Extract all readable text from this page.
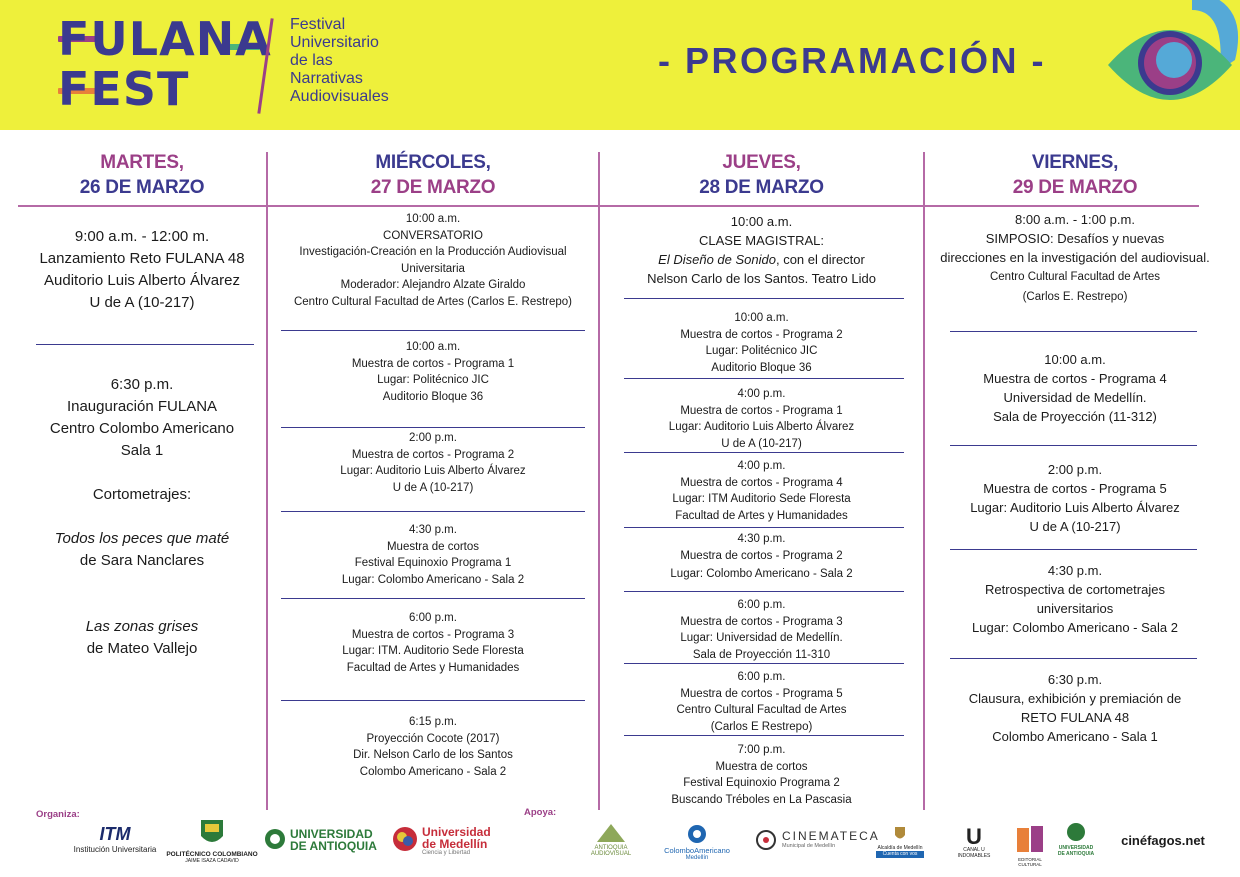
FULANA
FEST
Festival
Universitario
de las
Narrativas
Audiovisuales
- PROGRAMACIÓN -
MARTES,
26 DE MARZO
9:00 a.m. - 12:00 m.
Lanzamiento Reto FULANA 48
Auditorio Luis Alberto Álvarez
U de A (10-217)
6:30 p.m.
Inauguración FULANA
Centro Colombo Americano
Sala 1
Cortometrajes:
Todos los peces que maté
de Sara Nanclares
Las zonas grises
de Mateo Vallejo
MIÉRCOLES,
27 DE MARZO
10:00 a.m.
CONVERSATORIO
Investigación-Creación en la Producción Audiovisual
Universitaria
Moderador: Alejandro Alzate Giraldo
Centro Cultural Facultad de Artes (Carlos E. Restrepo)
10:00 a.m.
Muestra de cortos - Programa 1
Lugar: Politécnico JIC
Auditorio Bloque 36
2:00 p.m.
Muestra de cortos - Programa 2
Lugar: Auditorio Luis Alberto Álvarez
U de A (10-217)
4:30 p.m.
Muestra de cortos
Festival Equinoxio Programa 1
Lugar: Colombo Americano - Sala 2
6:00 p.m.
Muestra de cortos - Programa 3
Lugar: ITM. Auditorio Sede Floresta
Facultad de Artes y Humanidades
6:15 p.m.
Proyección Cocote (2017)
Dir. Nelson Carlo de los Santos
Colombo Americano - Sala 2
JUEVES,
28 DE MARZO
10:00 a.m.
CLASE MAGISTRAL:
El Diseño de Sonido, con el director
Nelson Carlo de los Santos. Teatro Lido
10:00 a.m.
Muestra de cortos - Programa 2
Lugar: Politécnico JIC
Auditorio Bloque 36
4:00 p.m.
Muestra de cortos - Programa 1
Lugar: Auditorio Luis Alberto Álvarez
U de A (10-217)
4:00 p.m.
Muestra de cortos - Programa 4
Lugar: ITM Auditorio Sede Floresta
Facultad de Artes y Humanidades
4:30 p.m.
Muestra de cortos - Programa 2
Lugar: Colombo Americano - Sala 2
6:00 p.m.
Muestra de cortos - Programa 3
Lugar: Universidad de Medellín.
Sala de Proyección 11-310
6:00 p.m.
Muestra de cortos - Programa 5
Centro Cultural Facultad de Artes
(Carlos E Restrepo)
7:00 p.m.
Muestra de cortos
Festival Equinoxio Programa 2
Buscando Tréboles en La Pascasia
VIERNES,
29 DE MARZO
8:00 a.m. - 1:00 p.m.
SIMPOSIO: Desafíos y nuevas
direcciones en la investigación del audiovisual.
Centro Cultural Facultad de Artes
(Carlos E. Restrepo)
10:00 a.m.
Muestra de cortos - Programa 4
Universidad de Medellín.
Sala de Proyección (11-312)
2:00 p.m.
Muestra de cortos - Programa 5
Lugar: Auditorio Luis Alberto Álvarez
U de A (10-217)
4:30 p.m.
Retrospectiva de cortometrajes
universitarios
Lugar: Colombo Americano - Sala 2
6:30 p.m.
Clausura, exhibición y premiación de
RETO FULANA 48
Colombo Americano - Sala 1
Organiza:	Apoya:
ITM
Institución Universitaria
POLITÉCNICO COLOMBIANO
JAIME ISAZA CADAVID
UNIVERSIDAD
DE ANTIOQUIA
Universidad
de Medellín
Ciencia y Libertad
ANTIOQUIA
AUDIOVISUAL	ColomboAmericano
Medellín
CINEMATECA
Municipal de Medellín	Alcaldía de Medellín
Cuenta con vos
U
CANAL U
INDOMABLES
EDITORIAL
CULTURAL
UNIVERSIDAD
DE ANTIOQUIA
cinéfagos.net
